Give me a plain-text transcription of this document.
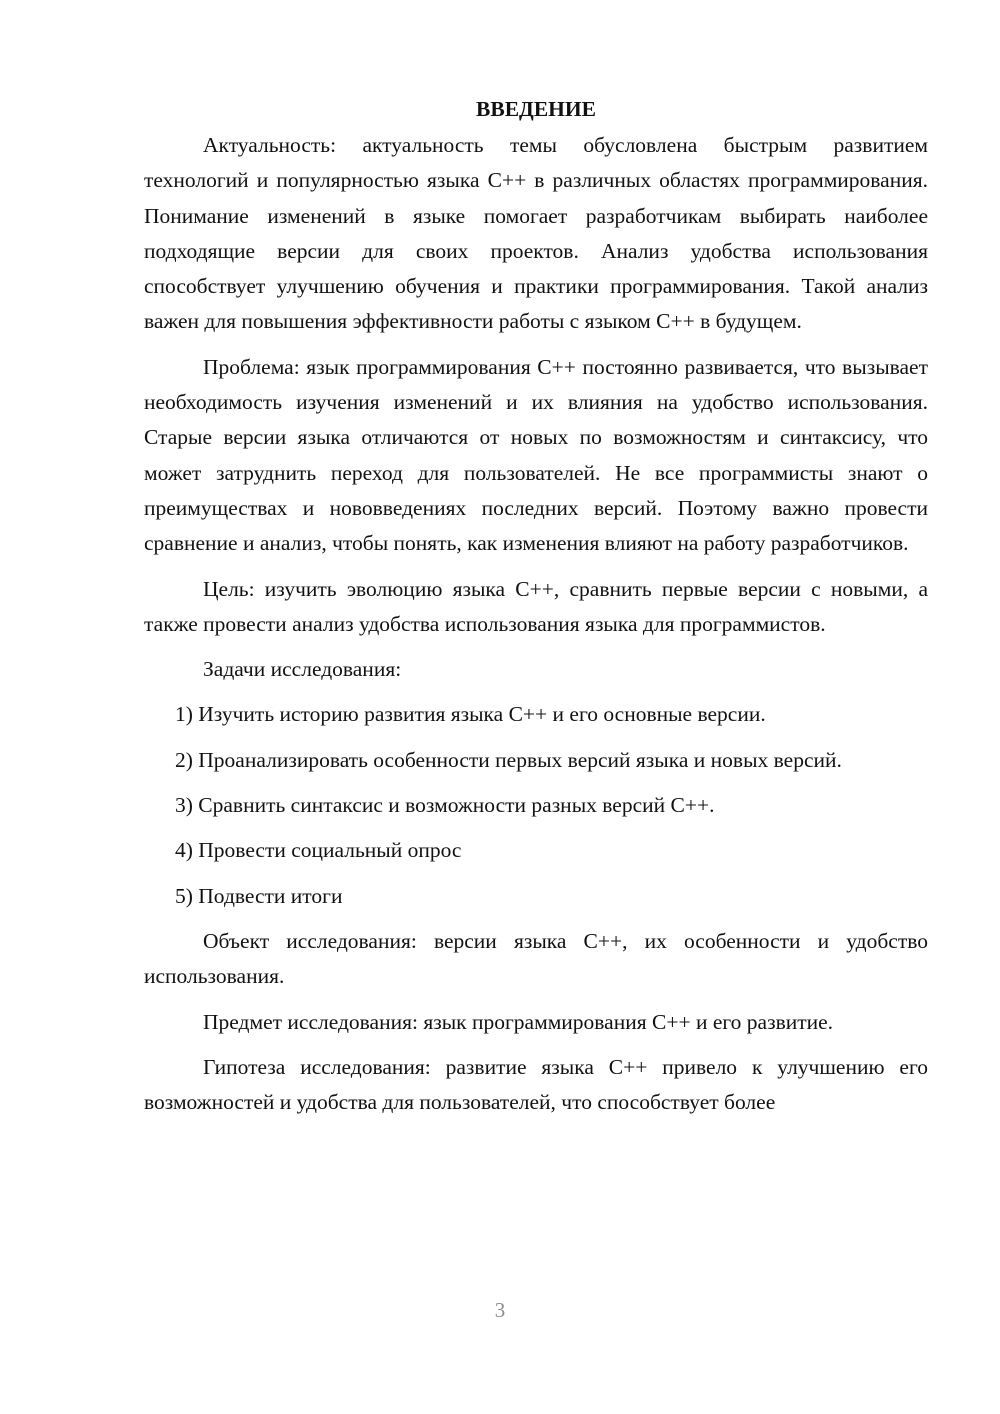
ВВЕДЕНИЕ

Актуальность: актуальность темы обусловлена быстрым развитием технологий и популярностью языка C++ в различных областях программирования. Понимание изменений в языке помогает разработчикам выбирать наиболее подходящие версии для своих проектов. Анализ удобства использования способствует улучшению обучения и практики программирования. Такой анализ важен для повышения эффективности работы с языком C++ в будущем.

Проблема: язык программирования C++ постоянно развивается, что вызывает необходимость изучения изменений и их влияния на удобство использования. Старые версии языка отличаются от новых по возможностям и синтаксису, что может затруднить переход для пользователей. Не все программисты знают о преимуществах и нововведениях последних версий. Поэтому важно провести сравнение и анализ, чтобы понять, как изменения влияют на работу разработчиков.

Цель: изучить эволюцию языка C++, сравнить первые версии с новыми, а также провести анализ удобства использования языка для программистов.

Задачи исследования:

1) Изучить историю развития языка C++ и его основные версии.

2) Проанализировать особенности первых версий языка и новых версий.

3) Сравнить синтаксис и возможности разных версий C++.

4) Провести социальный опрос

5) Подвести итоги

Объект исследования: версии языка C++, их особенности и удобство использования.

Предмет исследования: язык программирования C++ и его развитие.

Гипотеза исследования: развитие языка C++ привело к улучшению его возможностей и удобства для пользователей, что способствует более

3
